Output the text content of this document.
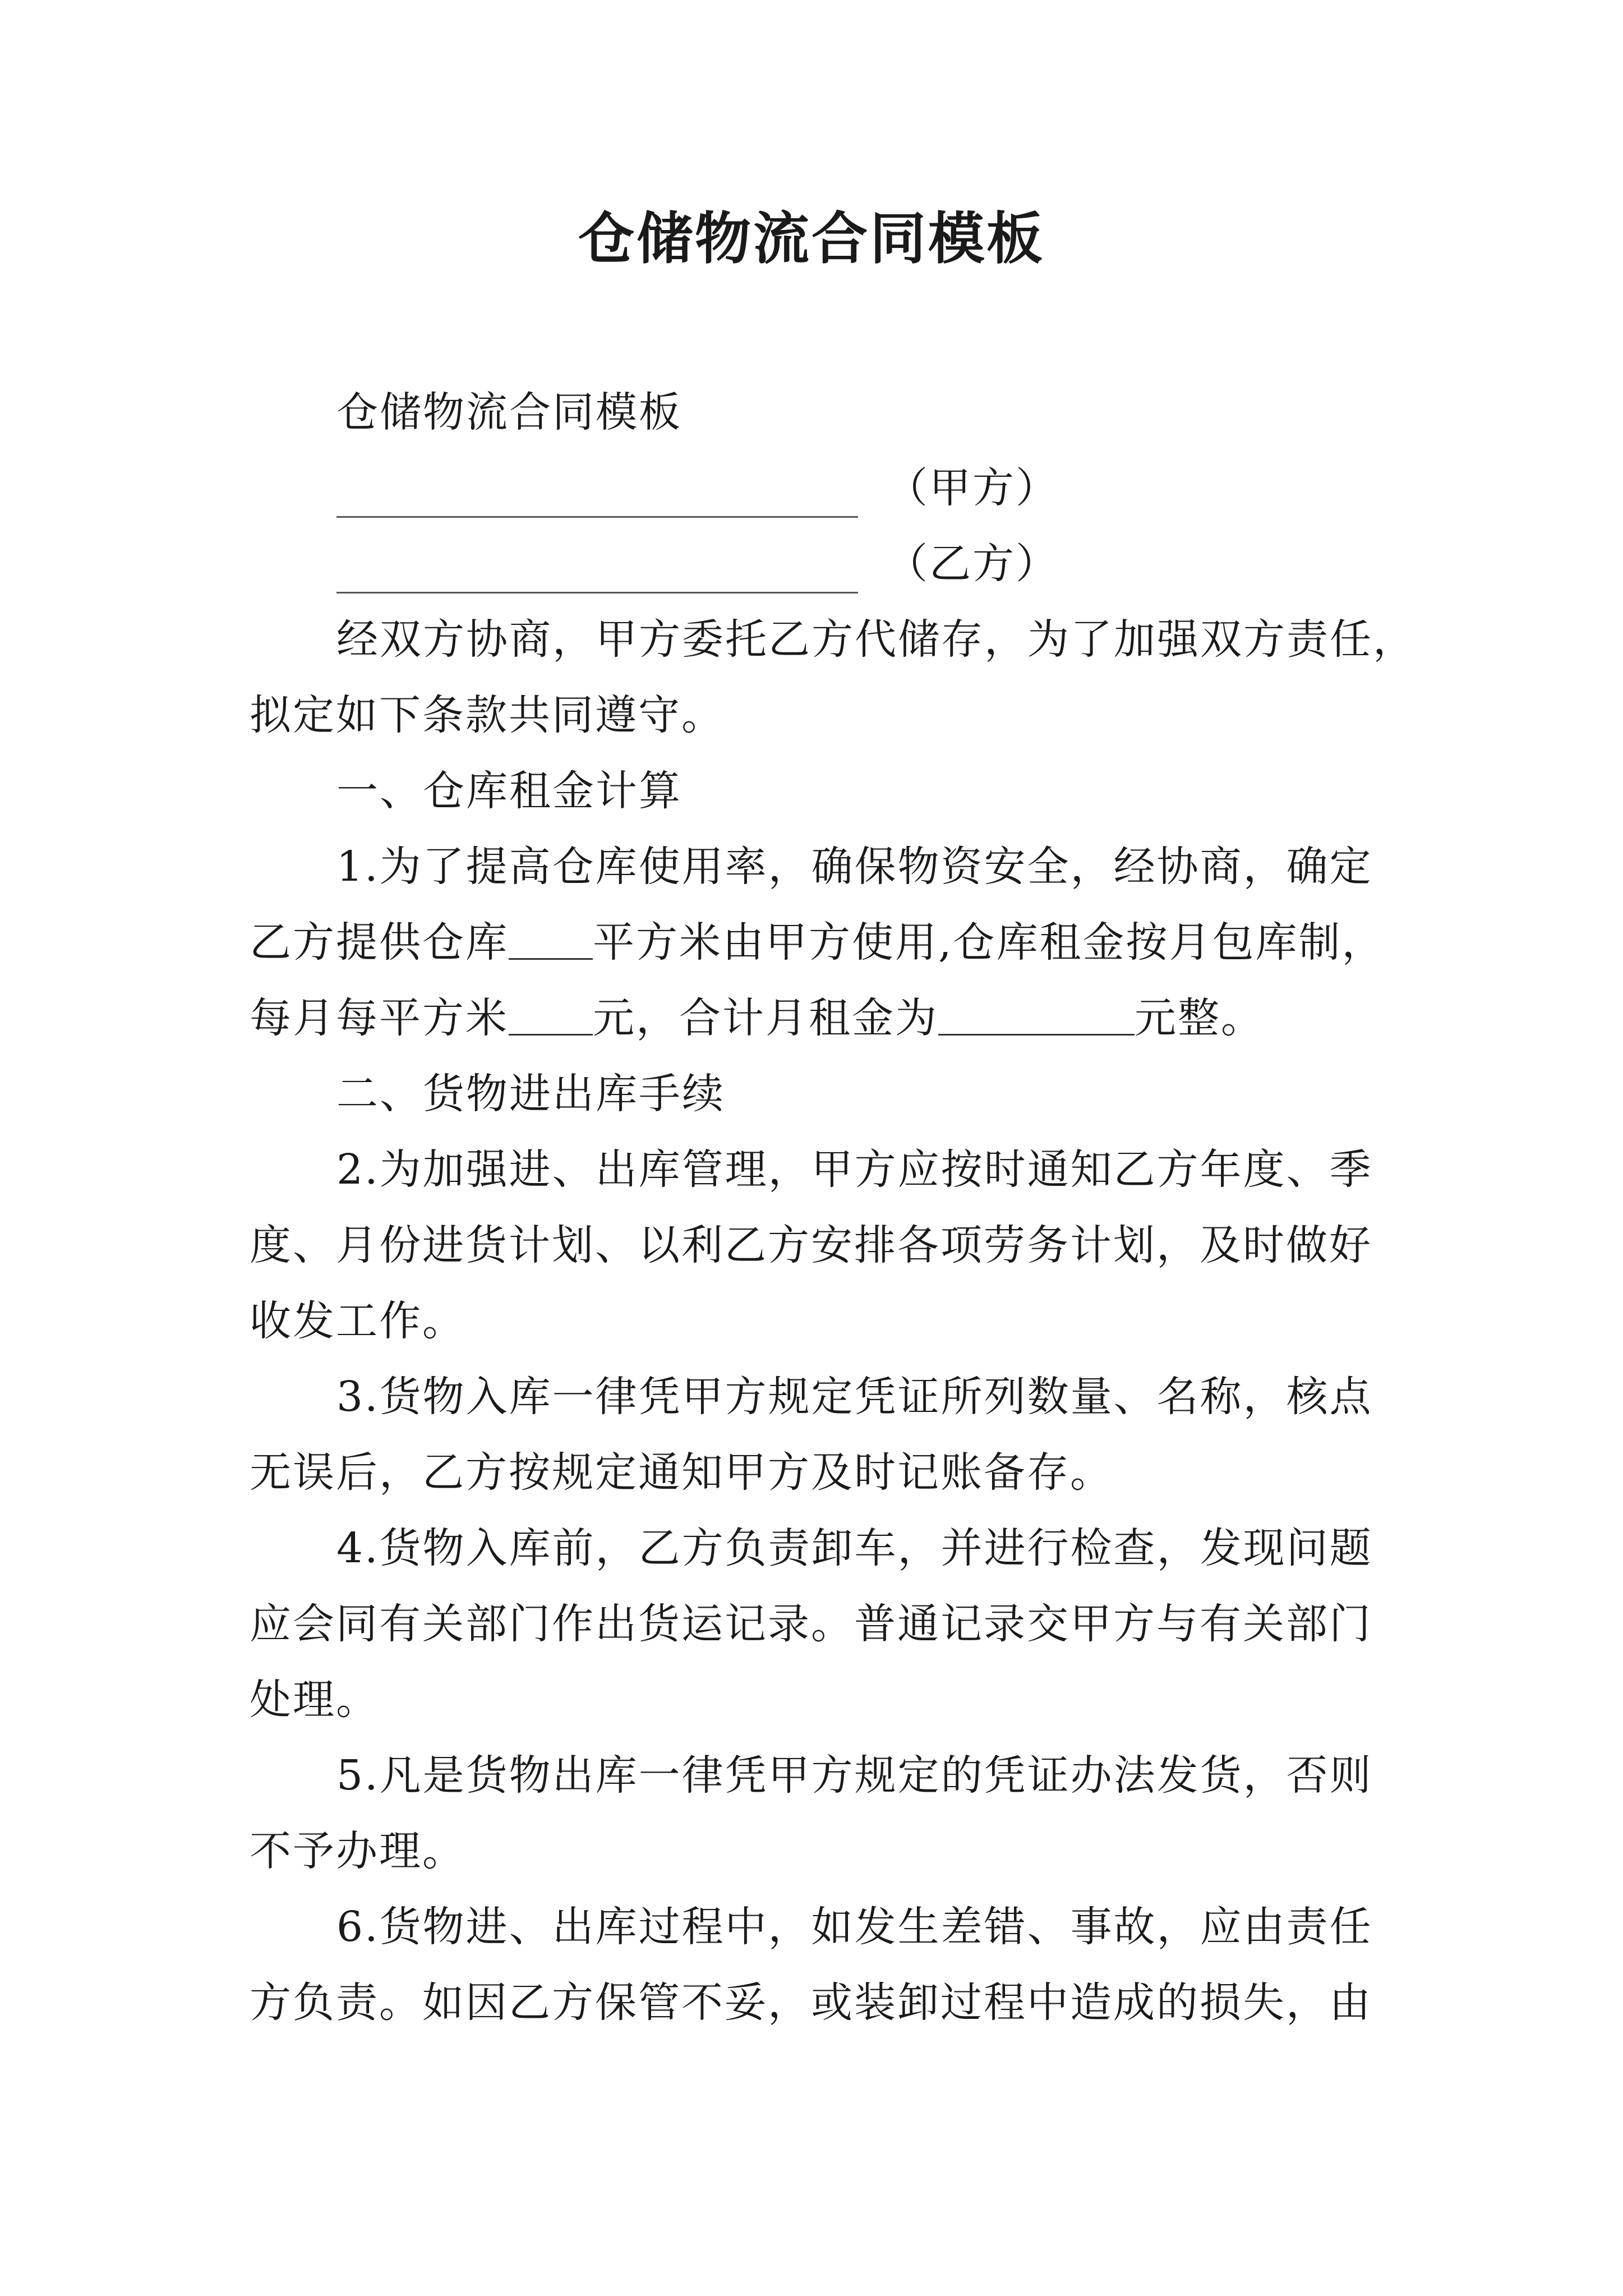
仓储物流合同模板
仓储物流合同模板
（甲方）
（乙方）
经双方协商，甲方委托乙方代储存，为了加强双方责任，
拟定如下条款共同遵守。
一、仓库租金计算
1.为了提高仓库使用率，确保物资安全，经协商，确定
乙方提供仓库 平方米由甲方使用,仓库租金按月包库制，
每月每平方米 元，合计月租金为	元整。
二、货物进出库手续
2.为加强进、出库管理，甲方应按时通知乙方年度、季
度、月份进货计划、以利乙方安排各项劳务计划，及时做好
收发工作。
3.货物入库一律凭甲方规定凭证所列数量、名称，核点
无误后，乙方按规定通知甲方及时记账备存。
4.货物入库前，乙方负责卸车，并进行检查，发现问题
应会同有关部门作出货运记录。普通记录交甲方与有关部门
处理。
5.凡是货物出库一律凭甲方规定的凭证办法发货，否则
不予办理。
6.货物进、出库过程中，如发生差错、事故，应由责任
方负责。如因乙方保管不妥，或装卸过程中造成的损失，由
